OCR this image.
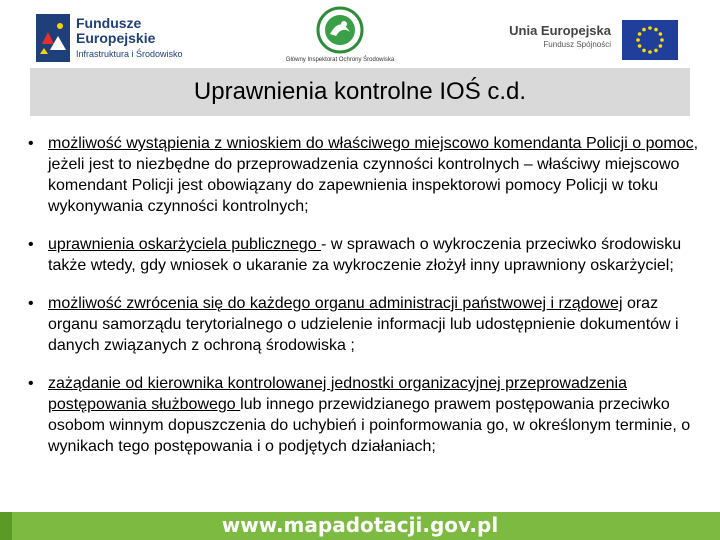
Fundusze
Europejskie
Infrastruktura i Środowisko
Główny Inspektorat Ochrony Środowiska
Unia Europejska
Fundusz Spójności
Uprawnienia kontrolne IOŚ c.d.
• możliwość wystąpienia z wnioskiem do właściwego miejscowo komendanta Policji o pomoc, jeżeli jest to niezbędne do przeprowadzenia czynności kontrolnych – właściwy miejscowo komendant Policji jest obowiązany do zapewnienia inspektorowi pomocy Policji w toku wykonywania czynności kontrolnych;
• uprawnienia oskarżyciela publicznego - w sprawach o wykroczenia przeciwko środowisku także wtedy, gdy wniosek o ukaranie za wykroczenie złożył inny uprawniony oskarżyciel;
• możliwość zwrócenia się do każdego organu administracji państwowej i rządowej oraz organu samorządu terytorialnego o udzielenie informacji lub udostępnienie dokumentów i danych związanych z ochroną środowiska ;
• zażądanie od kierownika kontrolowanej jednostki organizacyjnej przeprowadzenia postępowania służbowego lub innego przewidzianego prawem postępowania przeciwko osobom winnym dopuszczenia do uchybień i poinformowania go, w określonym terminie, o wynikach tego postępowania i o podjętych działaniach;
www.mapadotacji.gov.pl
